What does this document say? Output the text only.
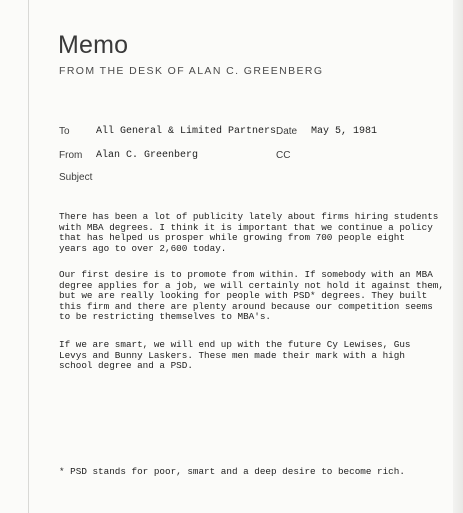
Memo
FROM THE DESK OF ALAN C. GREENBERG
To	All General & Limited Partners Date May 5, 1981
From Alan C. Greenberg	CC
Subject
There has been a lot of publicity lately about firms hiring students
with MBA degrees. I think it is important that we continue a policy
that has helped us prosper while growing from 700 people eight
years ago to over 2,600 today.
Our first desire is to promote from within. If somebody with an MBA
degree applies for a job, we will certainly not hold it against them,
but we are really looking for people with PSD* degrees. They built
this firm and there are plenty around because our competition seems
to be restricting themselves to MBA's.
If we are smart, we will end up with the future Cy Lewises, Gus
Levys and Bunny Laskers. These men made their mark with a high
school degree and a PSD.
* PSD stands for poor, smart and a deep desire to become rich.
